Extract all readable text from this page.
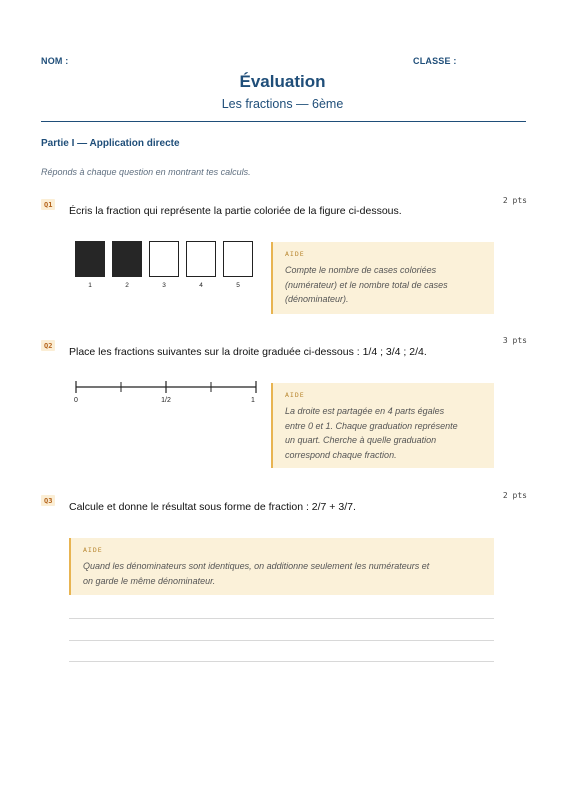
NOM :	CLASSE :
Évaluation
Les fractions — 6ème
Partie I — Application directe
Réponds à chaque question en montrant tes calculs.
Q1	2 pts
Écris la fraction qui représente la partie coloriée de la figure ci-dessous.
1	2	3	4	5
AIDE
Compte le nombre de cases coloriées
(numérateur) et le nombre total de cases
(dénominateur).
Q2
3 pts
Place les fractions suivantes sur la droite graduée ci-dessous : 1/4 ; 3/4 ; 2/4.
0	1/2	1
AIDE
La droite est partagée en 4 parts égales
entre 0 et 1. Chaque graduation représente
un quart. Cherche à quelle graduation
correspond chaque fraction.
Q3
2 pts
Calcule et donne le résultat sous forme de fraction : 2/7 + 3/7.
AIDE
Quand les dénominateurs sont identiques, on additionne seulement les numérateurs et
on garde le même dénominateur.
